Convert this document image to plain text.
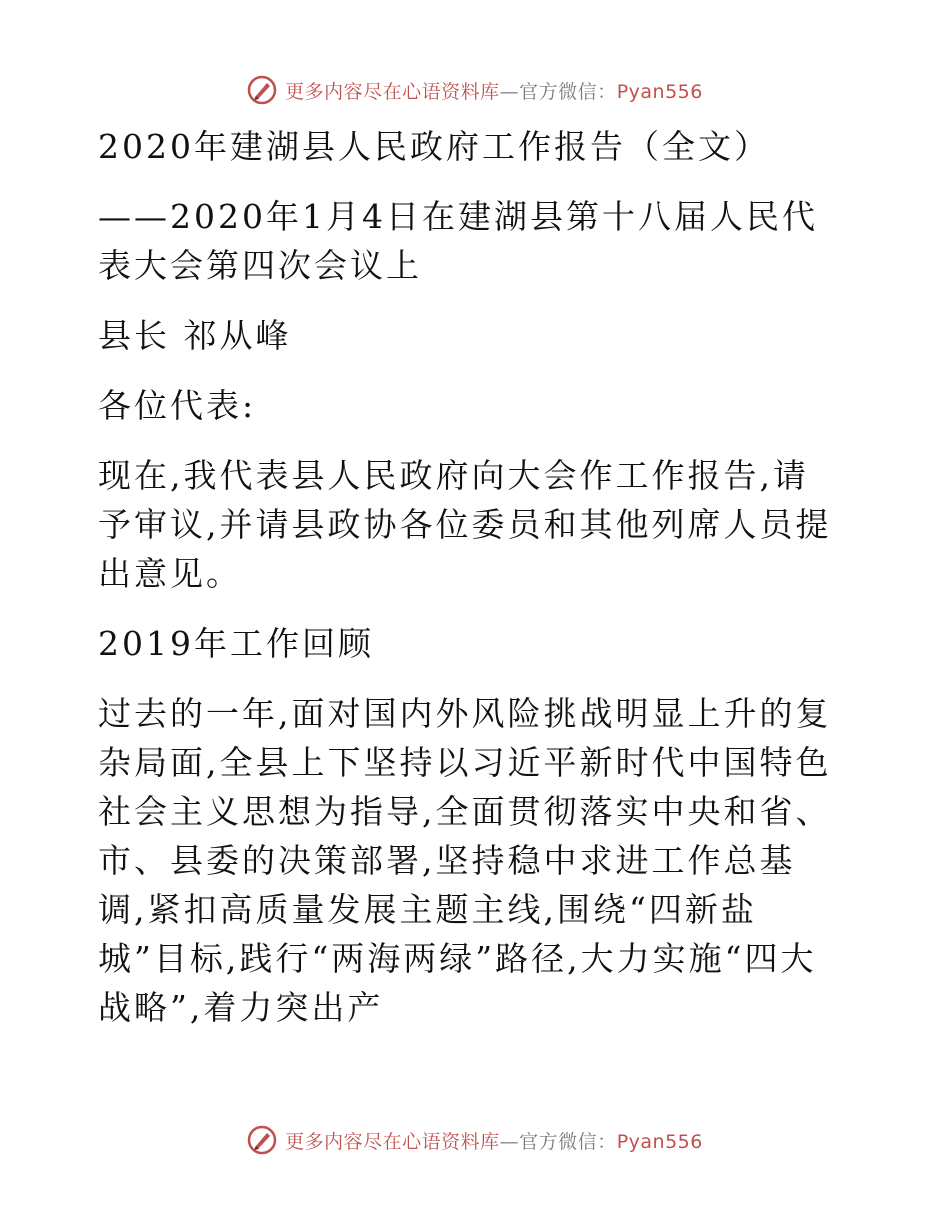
更多内容尽在心语资料库—官方微信：Pyan556

2020年建湖县人民政府工作报告（全文）

——2020年1月4日在建湖县第十八届人民代表大会第四次会议上

县长 祁从峰

各位代表:

现在,我代表县人民政府向大会作工作报告,请予审议,并请县政协各位委员和其他列席人员提出意见。

2019年工作回顾

过去的一年,面对国内外风险挑战明显上升的复杂局面,全县上下坚持以习近平新时代中国特色社会主义思想为指导,全面贯彻落实中央和省、市、县委的决策部署,坚持稳中求进工作总基调,紧扣高质量发展主题主线,围绕“四新盐城”目标,践行“两海两绿”路径,大力实施“四大战略”,着力突出产

更多内容尽在心语资料库—官方微信：Pyan556
